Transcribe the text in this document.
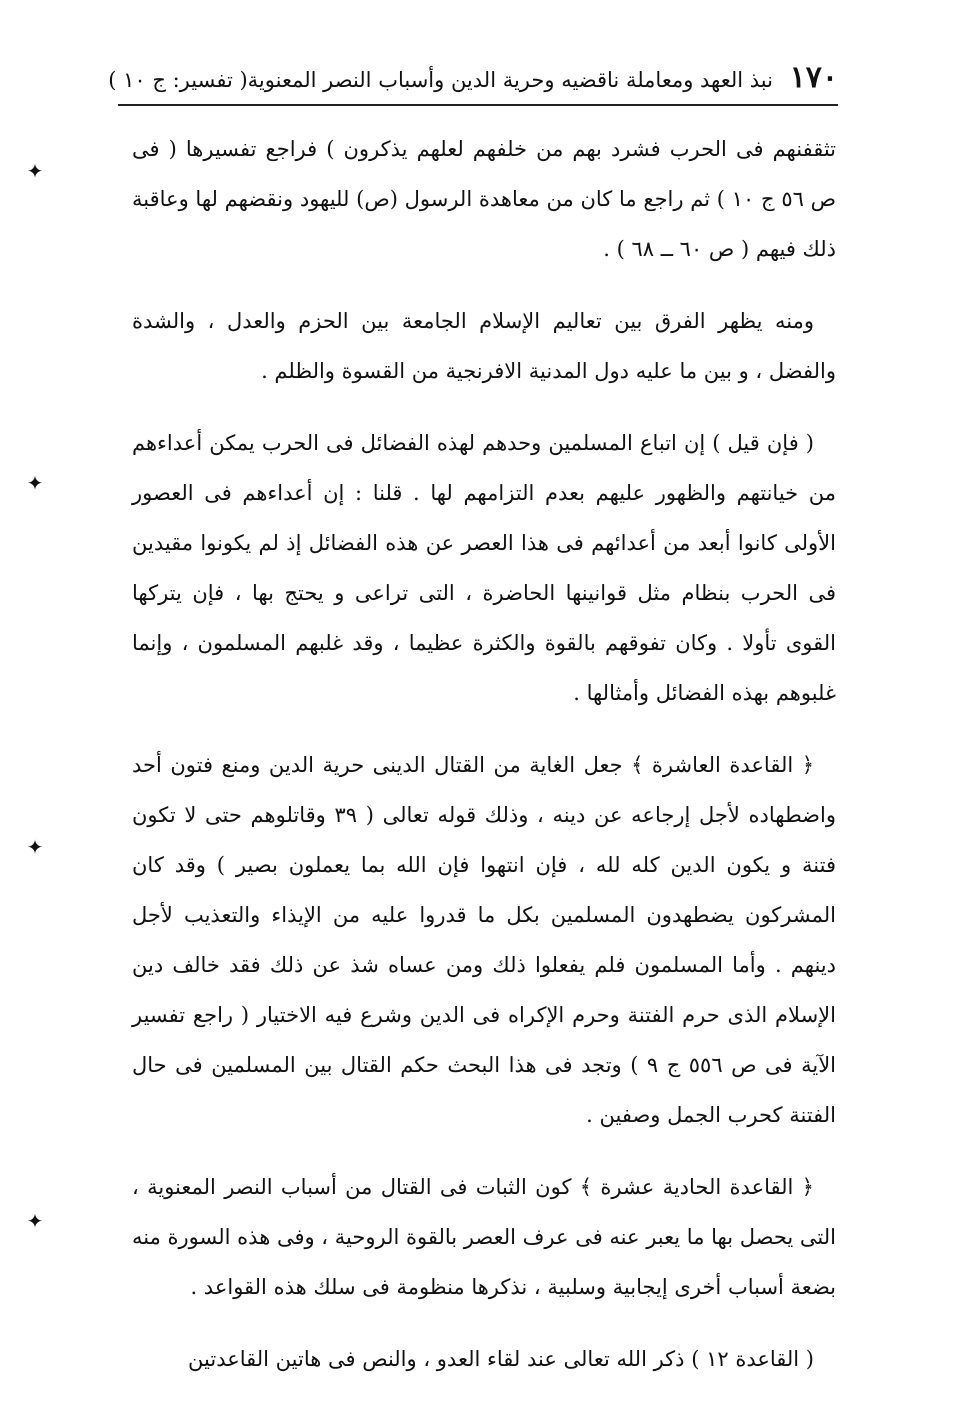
١٧٠ نبذ العهد ومعاملة ناقضيه وحرية الدين وأسباب النصر المعنوية( تفسير: ج ١٠ )

تثقفنهم فى الحرب فشرد بهم من خلفهم لعلهم يذكرون ) فراجع تفسيرها ( فى ص ٥٦ ج ١٠ ) ثم راجع ما كان من معاهدة الرسول (ص) لليهود ونقضهم لها وعاقبة ذلك فيهم ( ص ٦٠ ــ ٦٨ ) .

ومنه يظهر الفرق بين تعاليم الإسلام الجامعة بين الحزم والعدل ، والشدة والفضل ، و بين ما عليه دول المدنية الافرنجية من القسوة والظلم .

( فإن قيل ) إن اتباع المسلمين وحدهم لهذه الفضائل فى الحرب يمكن أعداءهم من خيانتهم والظهور عليهم بعدم التزامهم لها . قلنا : إن أعداءهم فى العصور الأولى كانوا أبعد من أعدائهم فى هذا العصر عن هذه الفضائل إذ لم يكونوا مقيدين فى الحرب بنظام مثل قوانينها الحاضرة ، التى تراعى و يحتج بها ، فإن يتركها القوى تأولا . وكان تفوقهم بالقوة والكثرة عظيما ، وقد غلبهم المسلمون ، وإنما غلبوهم بهذه الفضائل وأمثالها .

﴿ القاعدة العاشرة ﴾ جعل الغاية من القتال الدينى حرية الدين ومنع فتون أحد واضطهاده لأجل إرجاعه عن دينه ، وذلك قوله تعالى ( ٣٩ وقاتلوهم حتى لا تكون فتنة و يكون الدين كله لله ، فإن انتهوا فإن الله بما يعملون بصير ) وقد كان المشركون يضطهدون المسلمين بكل ما قدروا عليه من الإيذاء والتعذيب لأجل دينهم . وأما المسلمون فلم يفعلوا ذلك ومن عساه شذ عن ذلك فقد خالف دين الإسلام الذى حرم الفتنة وحرم الإكراه فى الدين وشرع فيه الاختيار ( راجع تفسير الآية فى ص ٥٥٦ ج ٩ ) وتجد فى هذا البحث حكم القتال بين المسلمين فى حال الفتنة كحرب الجمل وصفين .

﴿ القاعدة الحادية عشرة ﴾ كون الثبات فى القتال من أسباب النصر المعنوية ، التى يحصل بها ما يعبر عنه فى عرف العصر بالقوة الروحية ، وفى هذه السورة منه بضعة أسباب أخرى إيجابية وسلبية ، نذكرها منظومة فى سلك هذه القواعد .

( القاعدة ١٢ ) ذكر الله تعالى عند لقاء العدو ، والنص فى هاتين القاعدتين

✦
✦
✦
✦
